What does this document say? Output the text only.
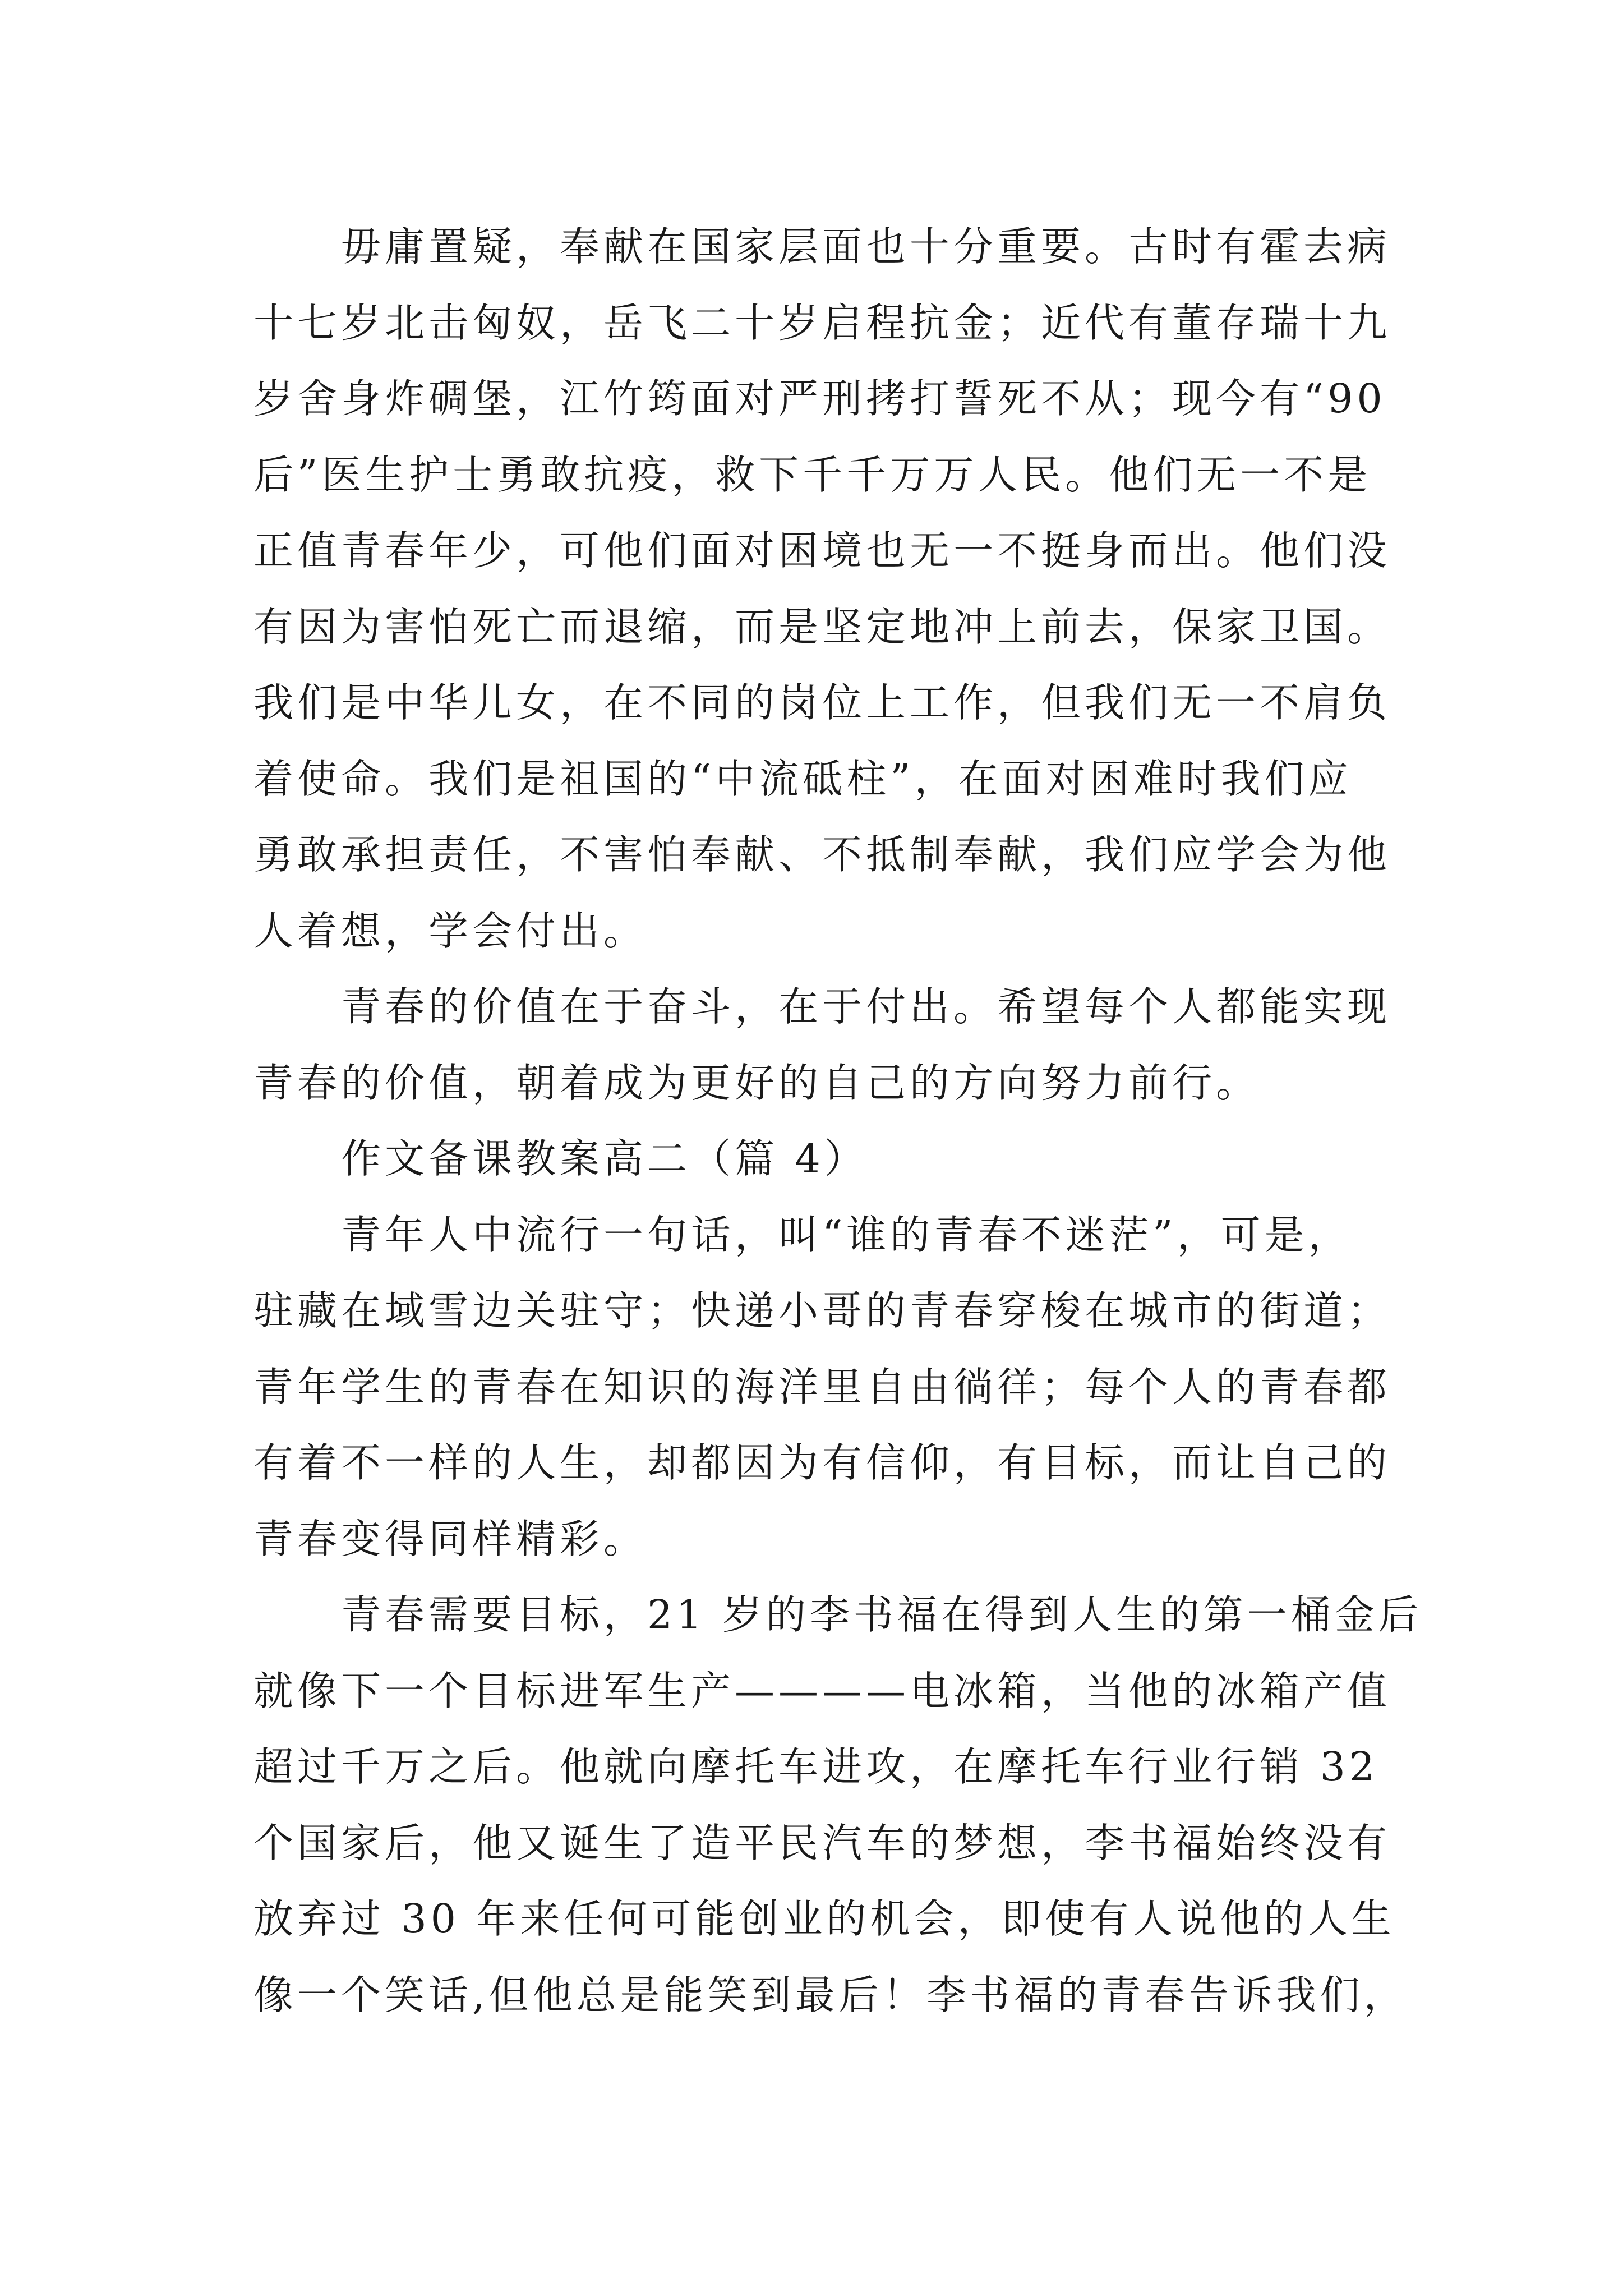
毋庸置疑，奉献在国家层面也十分重要。古时有霍去病
十七岁北击匈奴，岳飞二十岁启程抗金；近代有董存瑞十九
岁舍身炸碉堡，江竹筠面对严刑拷打誓死不从；现今有“90
后”医生护士勇敢抗疫，救下千千万万人民。他们无一不是
正值青春年少，可他们面对困境也无一不挺身而出。他们没
有因为害怕死亡而退缩，而是坚定地冲上前去，保家卫国。
我们是中华儿女，在不同的岗位上工作，但我们无一不肩负
着使命。我们是祖国的“中流砥柱”，在面对困难时我们应
勇敢承担责任，不害怕奉献、不抵制奉献，我们应学会为他
人着想，学会付出。
青春的价值在于奋斗，在于付出。希望每个人都能实现
青春的价值，朝着成为更好的自己的方向努力前行。
作文备课教案高二（篇 4）
青年人中流行一句话，叫“谁的青春不迷茫”，可是，
驻藏在域雪边关驻守；快递小哥的青春穿梭在城市的街道；
青年学生的青春在知识的海洋里自由徜徉；每个人的青春都
有着不一样的人生，却都因为有信仰，有目标，而让自己的
青春变得同样精彩。
青春需要目标，21 岁的李书福在得到人生的第一桶金后
就像下一个目标进军生产————电冰箱，当他的冰箱产值
超过千万之后。他就向摩托车进攻，在摩托车行业行销 32
个国家后，他又诞生了造平民汽车的梦想，李书福始终没有
放弃过 30 年来任何可能创业的机会，即使有人说他的人生
像一个笑话,但他总是能笑到最后！李书福的青春告诉我们，
